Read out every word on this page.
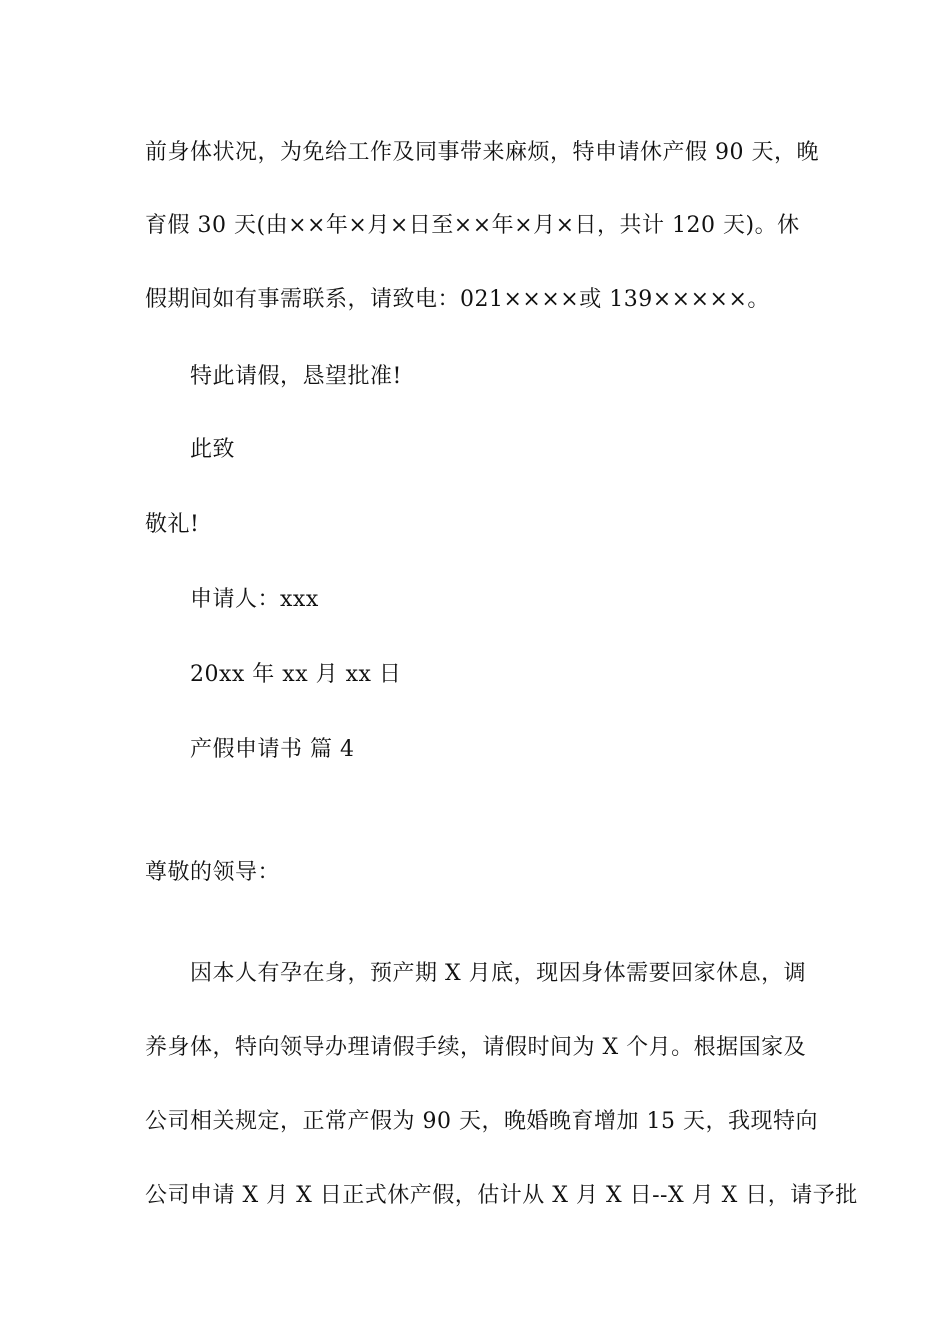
前身体状况，为免给工作及同事带来麻烦，特申请休产假 90 天，晚
育假 30 天(由××年×月×日至××年×月×日，共计 120 天)。休
假期间如有事需联系，请致电：021××××或 139×××××。
特此请假，恳望批准!
此致
敬礼!
申请人：xxx
20xx 年 xx 月 xx 日
产假申请书 篇 4
尊敬的领导：
因本人有孕在身，预产期 X 月底，现因身体需要回家休息，调
养身体，特向领导办理请假手续，请假时间为 X 个月。根据国家及
公司相关规定，正常产假为 90 天，晚婚晚育增加 15 天，我现特向
公司申请 X 月 X 日正式休产假，估计从 X 月 X 日--X 月 X 日，请予批
